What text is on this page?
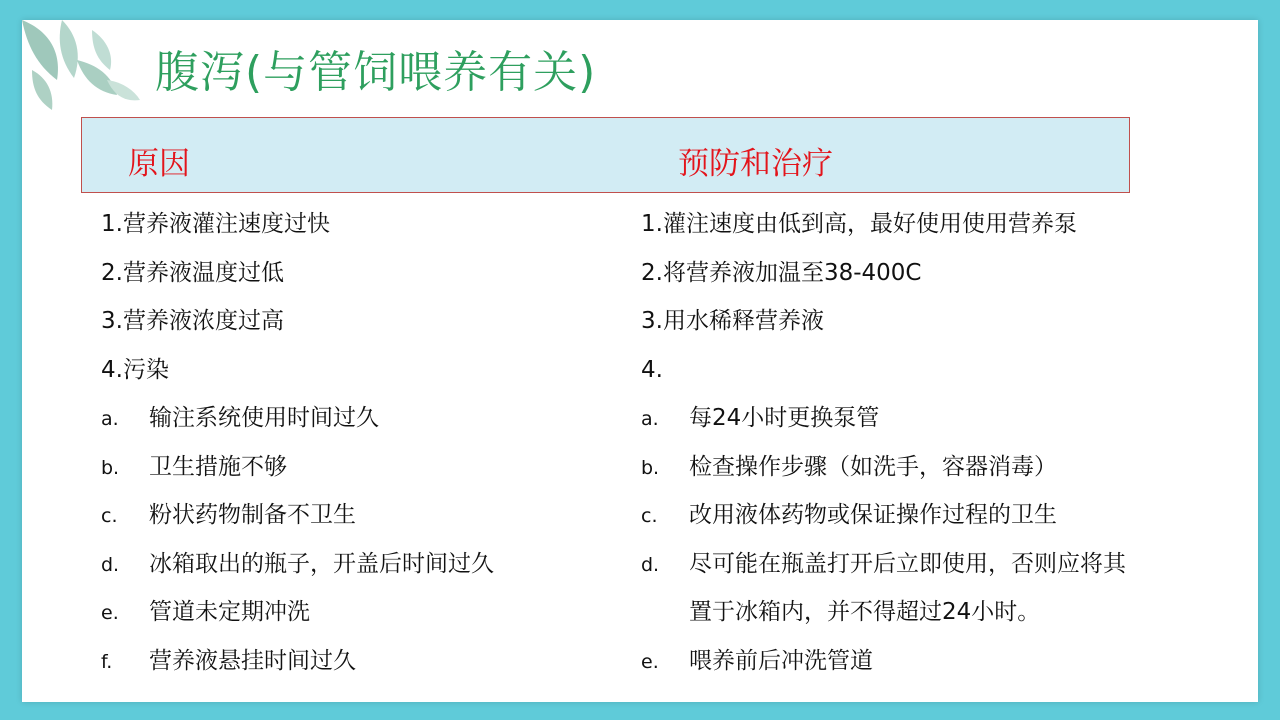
腹泻(与管饲喂养有关)
原因	预防和治疗
1.营养液灌注速度过快
2.营养液温度过低
3.营养液浓度过高
4.污染
a. 输注系统使用时间过久
b. 卫生措施不够
c. 粉状药物制备不卫生
d. 冰箱取出的瓶子，开盖后时间过久
e. 管道未定期冲洗
f. 营养液悬挂时间过久
1.灌注速度由低到高，最好使用使用营养泵
2.将营养液加温至38-400C
3.用水稀释营养液
4.
a. 每24小时更换泵管
b. 检查操作步骤（如洗手，容器消毒）
c. 改用液体药物或保证操作过程的卫生
d. 尽可能在瓶盖打开后立即使用，否则应将其
置于冰箱内，并不得超过24小时。
e. 喂养前后冲洗管道
